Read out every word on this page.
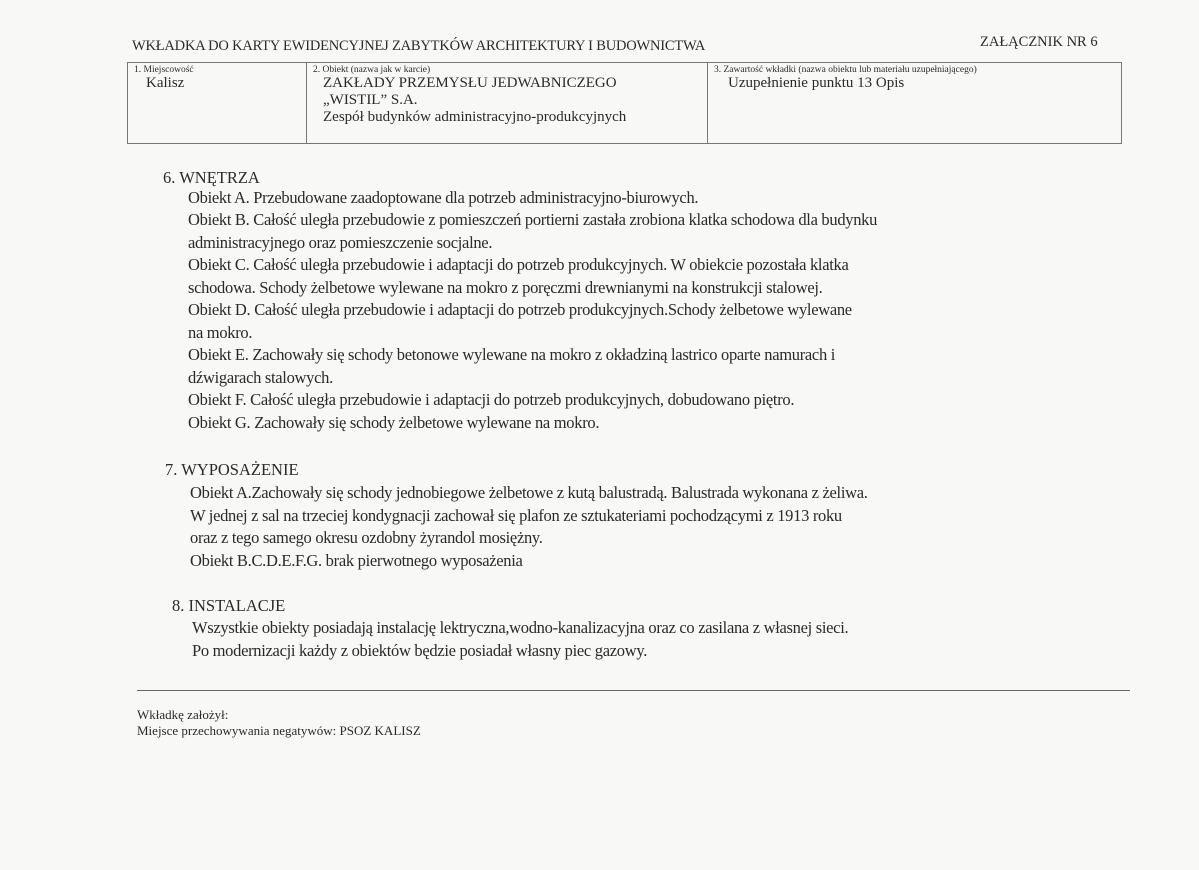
WKŁADKA DO KARTY EWIDENCYJNEJ ZABYTKÓW ARCHITEKTURY I BUDOWNICTWA	ZAŁĄCZNIK NR 6
1. Miejscowość
Kalisz

2. Obiekt (nazwa jak w karcie)
ZAKŁADY PRZEMYSŁU JEDWABNICZEGO
„WISTIL” S.A.
Zespół budynków administracyjno-produkcyjnych

3. Zawartość wkładki (nazwa obiektu lub materiału uzupełniającego)
Uzupełnienie punktu 13 Opis
6. WNĘTRZA
Obiekt A. Przebudowane zaadoptowane dla potrzeb administracyjno-biurowych.
Obiekt B. Całość uległa przebudowie z pomieszczeń portierni zastała zrobiona klatka schodowa dla budynku
administracyjnego oraz pomieszczenie socjalne.
Obiekt C. Całość uległa przebudowie i adaptacji do potrzeb produkcyjnych. W obiekcie pozostała klatka
schodowa. Schody żelbetowe wylewane na mokro z poręczmi drewnianymi na konstrukcji stalowej.
Obiekt D. Całość uległa przebudowie i adaptacji do potrzeb produkcyjnych.Schody żelbetowe wylewane
na mokro.
Obiekt E. Zachowały się schody betonowe wylewane na mokro z okładziną lastrico oparte namurach i
dźwigarach stalowych.
Obiekt F. Całość uległa przebudowie i adaptacji do potrzeb produkcyjnych, dobudowano piętro.
Obiekt G. Zachowały się schody żelbetowe wylewane na mokro.
7. WYPOSAŻENIE
Obiekt A.Zachowały się schody jednobiegowe żelbetowe z kutą balustradą. Balustrada wykonana z żeliwa.
W jednej z sal na trzeciej kondygnacji zachował się plafon ze sztukateriami pochodzącymi z 1913 roku
oraz z tego samego okresu ozdobny żyrandol mosiężny.
Obiekt B.C.D.E.F.G. brak pierwotnego wyposażenia
8. INSTALACJE
Wszystkie obiekty posiadają instalację lektryczna,wodno-kanalizacyjna oraz co zasilana z własnej sieci.
Po modernizacji każdy z obiektów będzie posiadał własny piec gazowy.
Wkładkę założył:
Miejsce przechowywania negatywów: PSOZ KALISZ
